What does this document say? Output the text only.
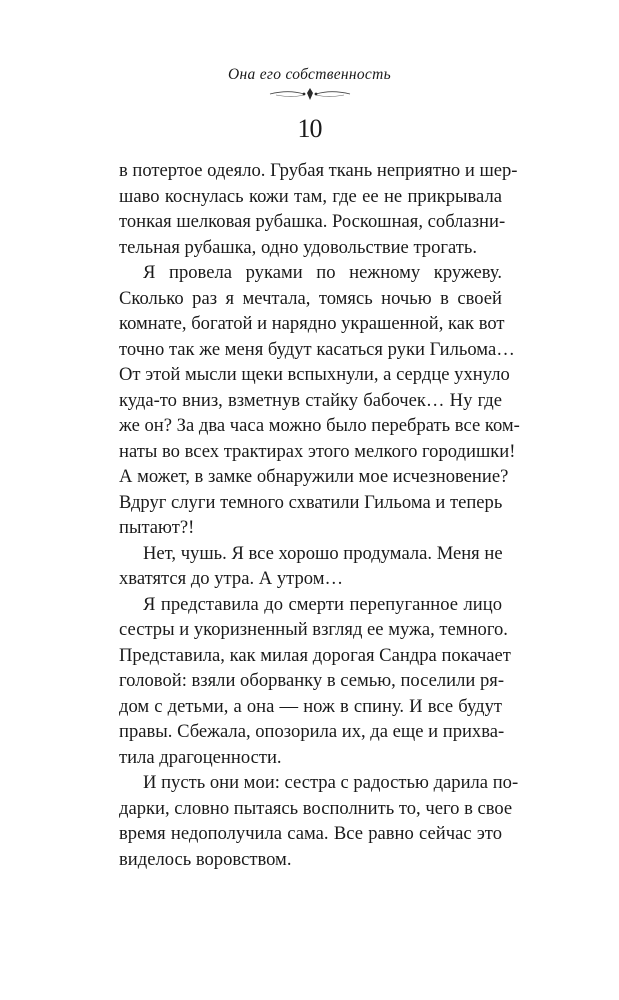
Она его собственность
10

в потертое одеяло. Грубая ткань неприятно и шер-
шаво коснулась кожи там, где ее не прикрывала
тонкая шелковая рубашка. Роскошная, соблазни-
тельная рубашка, одно удовольствие трогать.

Я провела руками по нежному кружеву.
Сколько раз я мечтала, томясь ночью в своей
комнате, богатой и нарядно украшенной, как вот
точно так же меня будут касаться руки Гильома…
От этой мысли щеки вспыхнули, а сердце ухнуло
куда-то вниз, взметнув стайку бабочек… Ну где
же он? За два часа можно было перебрать все ком-
наты во всех трактирах этого мелкого городишки!
А может, в замке обнаружили мое исчезновение?
Вдруг слуги темного схватили Гильома и теперь
пытают?!

Нет, чушь. Я все хорошо продумала. Меня не
хватятся до утра. А утром…

Я представила до смерти перепуганное лицо
сестры и укоризненный взгляд ее мужа, темного.
Представила, как милая дорогая Сандра покачает
головой: взяли оборванку в семью, поселили ря-
дом с детьми, а она — нож в спину. И все будут
правы. Сбежала, опозорила их, да еще и прихва-
тила драгоценности.

И пусть они мои: сестра с радостью дарила по-
дарки, словно пытаясь восполнить то, чего в свое
время недополучила сама. Все равно сейчас это
виделось воровством.
